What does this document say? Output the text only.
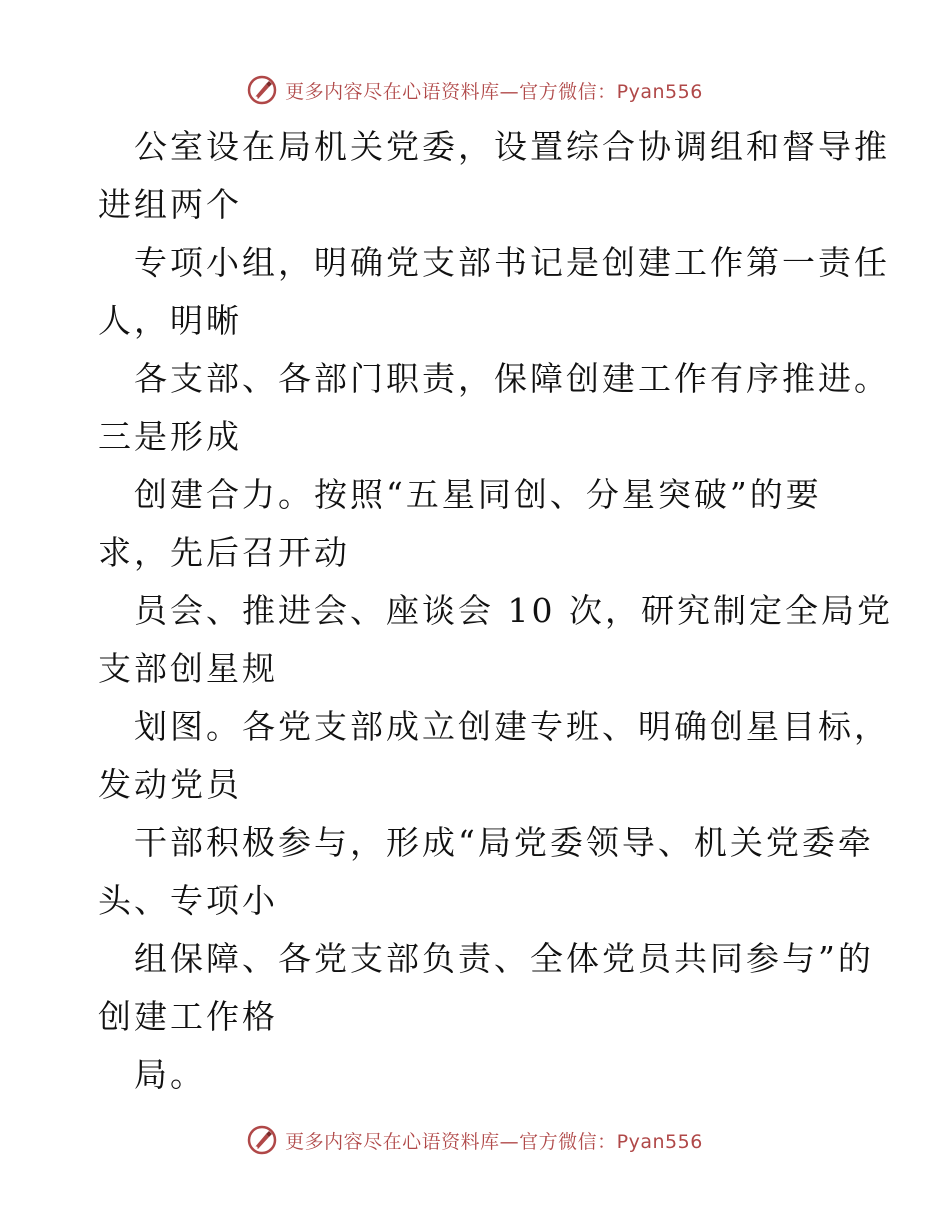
更多内容尽在心语资料库—官方微信：Pyan556
公室设在局机关党委，设置综合协调组和督导推
进组两个
专项小组，明确党支部书记是创建工作第一责任
人，明晰
各支部、各部门职责，保障创建工作有序推进。
三是形成
创建合力。按照“五星同创、分星突破”的要
求，先后召开动
员会、推进会、座谈会 10 次，研究制定全局党
支部创星规
划图。各党支部成立创建专班、明确创星目标，
发动党员
干部积极参与，形成“局党委领导、机关党委牵
头、专项小
组保障、各党支部负责、全体党员共同参与”的
创建工作格
局。
更多内容尽在心语资料库—官方微信：Pyan556
